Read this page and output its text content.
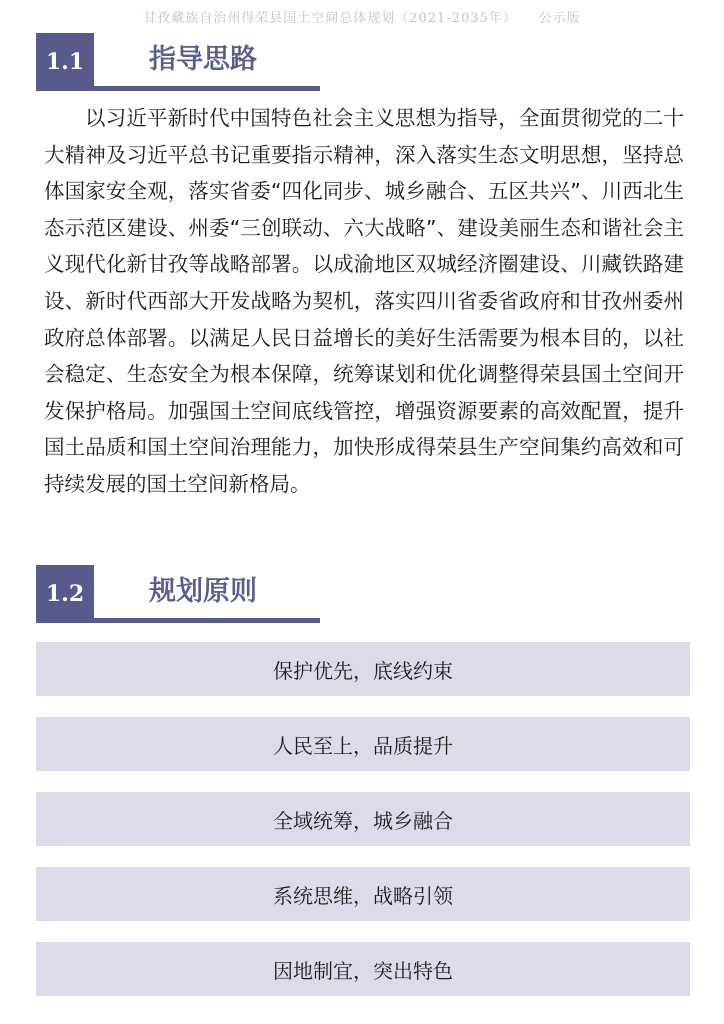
甘孜藏族自治州得荣县国土空间总体规划（2021-2035年） 公示版
1.1	指导思路

以习近平新时代中国特色社会主义思想为指导，全面贯彻党的二十大精神及习近平总书记重要指示精神，深入落实生态文明思想，坚持总体国家安全观，落实省委“四化同步、城乡融合、五区共兴”、川西北生态示范区建设、州委“三创联动、六大战略”、建设美丽生态和谐社会主义现代化新甘孜等战略部署。以成渝地区双城经济圈建设、川藏铁路建设、新时代西部大开发战略为契机，落实四川省委省政府和甘孜州委州政府总体部署。以满足人民日益增长的美好生活需要为根本目的，以社会稳定、生态安全为根本保障，统筹谋划和优化调整得荣县国土空间开发保护格局。加强国土空间底线管控，增强资源要素的高效配置，提升国土品质和国土空间治理能力，加快形成得荣县生产空间集约高效和可持续发展的国土空间新格局。

1.2	规划原则
保护优先，底线约束
人民至上，品质提升
全域统筹，城乡融合
系统思维，战略引领
因地制宜，突出特色
